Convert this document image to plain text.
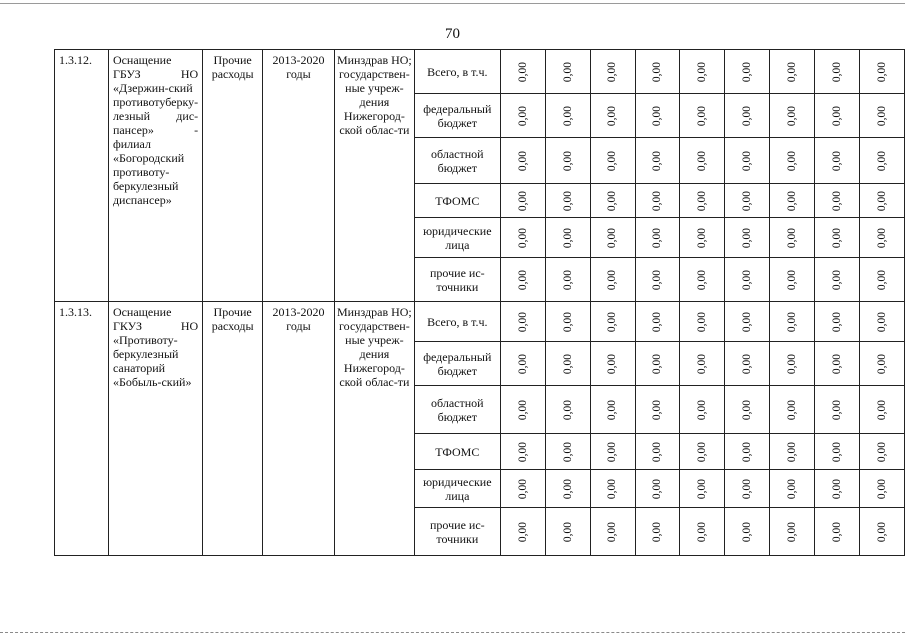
70
1.3.12.	Оснащение ГБУЗ НО «Дзержин-ский противотуберку-лезный дис-пансер» - филиал «Богородский противоту-беркулезный диспансер»	Прочие расходы	2013-2020 годы	Минздрав НО; государствен-ные учреж-дения Нижегород-ской облас-ти	Всего, в т.ч.	0,00	0,00	0,00	0,00	0,00	0,00	0,00	0,00	0,00

					федеральный
бюджет	0,00	0,00	0,00	0,00	0,00	0,00	0,00	0,00	0,00

					областной
бюджет	0,00	0,00	0,00	0,00	0,00	0,00	0,00	0,00	0,00

					ТФОМС	0,00	0,00	0,00	0,00	0,00	0,00	0,00	0,00	0,00

					юридические
лица	0,00	0,00	0,00	0,00	0,00	0,00	0,00	0,00	0,00

					прочие ис-
точники	0,00	0,00	0,00	0,00	0,00	0,00	0,00	0,00	0,00
1.3.13.	Оснащение ГКУЗ НО «Противоту-беркулезный санаторий «Бобыль-ский»	Прочие расходы	2013-2020 годы	Минздрав НО; государствен-ные учреж-дения Нижегород-ской облас-ти	Всего, в т.ч.	0,00	0,00	0,00	0,00	0,00	0,00	0,00	0,00	0,00

					федеральный
бюджет	0,00	0,00	0,00	0,00	0,00	0,00	0,00	0,00	0,00

					областной
бюджет	0,00	0,00	0,00	0,00	0,00	0,00	0,00	0,00	0,00

					ТФОМС	0,00	0,00	0,00	0,00	0,00	0,00	0,00	0,00	0,00

					юридические
лица	0,00	0,00	0,00	0,00	0,00	0,00	0,00	0,00	0,00

					прочие ис-
точники	0,00	0,00	0,00	0,00	0,00	0,00	0,00	0,00	0,00
